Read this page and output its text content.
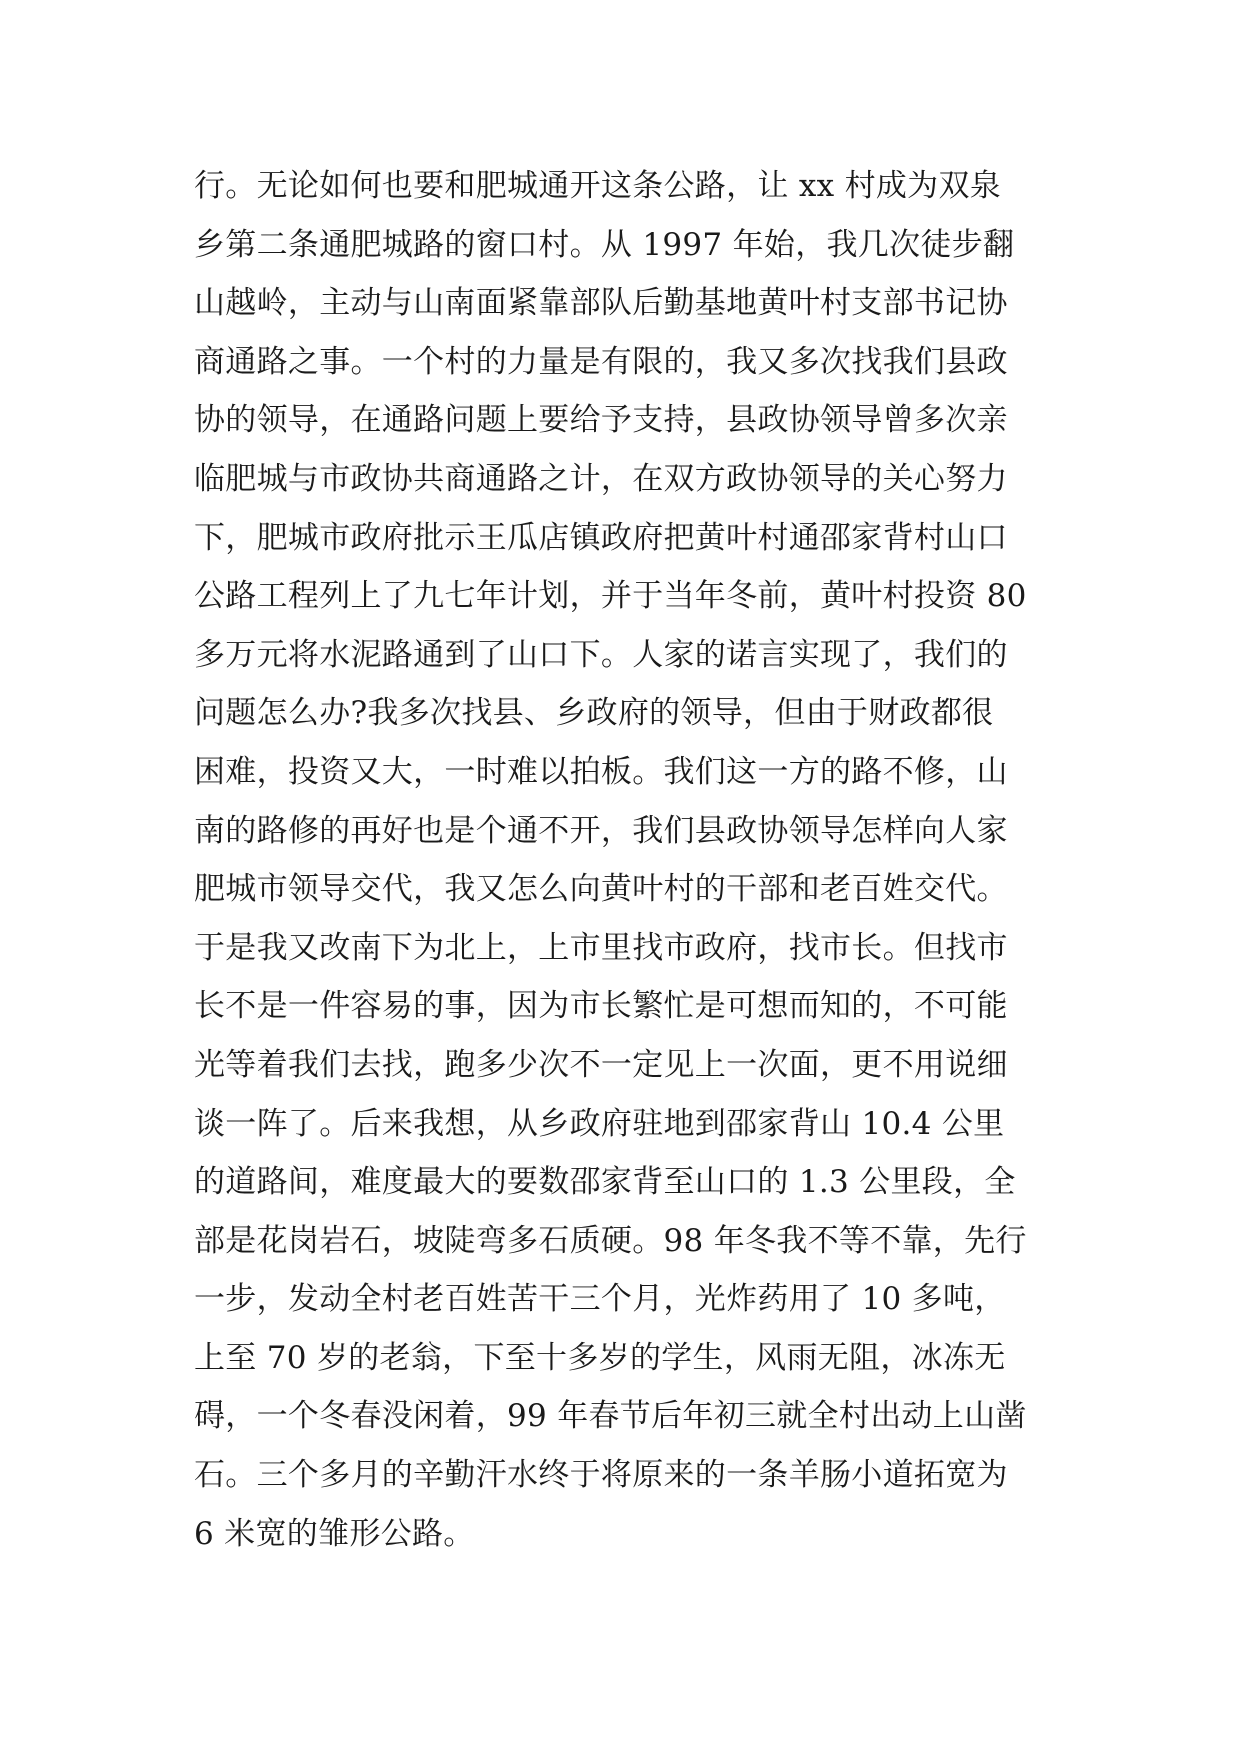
行。无论如何也要和肥城通开这条公路，让 xx 村成为双泉
乡第二条通肥城路的窗口村。从 1997 年始，我几次徒步翻
山越岭，主动与山南面紧靠部队后勤基地黄叶村支部书记协
商通路之事。一个村的力量是有限的，我又多次找我们县政
协的领导，在通路问题上要给予支持，县政协领导曾多次亲
临肥城与市政协共商通路之计，在双方政协领导的关心努力
下，肥城市政府批示王瓜店镇政府把黄叶村通邵家背村山口
公路工程列上了九七年计划，并于当年冬前，黄叶村投资 80
多万元将水泥路通到了山口下。人家的诺言实现了，我们的
问题怎么办?我多次找县、乡政府的领导，但由于财政都很
困难，投资又大，一时难以拍板。我们这一方的路不修，山
南的路修的再好也是个通不开，我们县政协领导怎样向人家
肥城市领导交代，我又怎么向黄叶村的干部和老百姓交代。
于是我又改南下为北上，上市里找市政府，找市长。但找市
长不是一件容易的事，因为市长繁忙是可想而知的，不可能
光等着我们去找，跑多少次不一定见上一次面，更不用说细
谈一阵了。后来我想，从乡政府驻地到邵家背山 10.4 公里
的道路间，难度最大的要数邵家背至山口的 1.3 公里段，全
部是花岗岩石，坡陡弯多石质硬。98 年冬我不等不靠，先行
一步，发动全村老百姓苦干三个月，光炸药用了 10 多吨，
上至 70 岁的老翁，下至十多岁的学生，风雨无阻，冰冻无
碍，一个冬春没闲着，99 年春节后年初三就全村出动上山凿
石。三个多月的辛勤汗水终于将原来的一条羊肠小道拓宽为
6 米宽的雏形公路。
